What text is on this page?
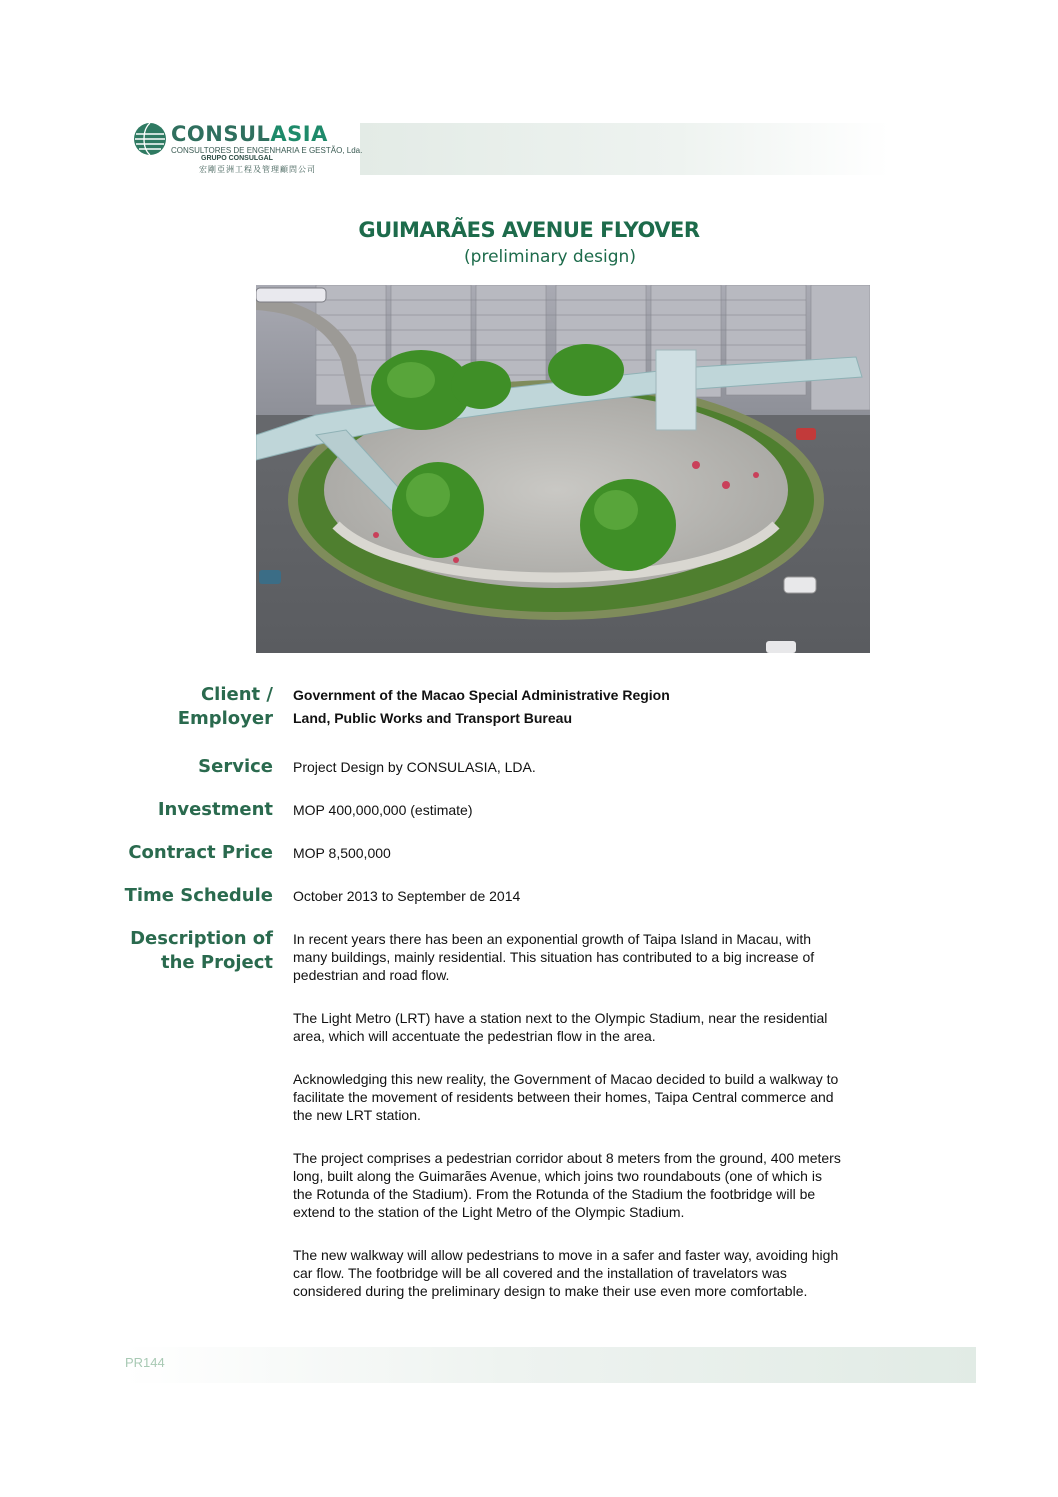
CONSULASIA
CONSULTORES DE ENGENHARIA E GESTÃO, Lda.
GRUPO CONSULGAL
宏剛亞洲工程及管理顧問公司
GUIMARÃES AVENUE FLYOVER
(preliminary design)
Client /
Employer
Government of the Macao Special Administrative Region
Land, Public Works and Transport Bureau
Service Project Design by CONSULASIA, LDA.
Investment MOP 400,000,000 (estimate)
Contract Price MOP 8,500,000
Time Schedule October 2013 to September de 2014
Description of
the Project
In recent years there has been an exponential growth of Taipa Island in Macau, with
many buildings, mainly residential. This situation has contributed to a big increase of
pedestrian and road flow.
The Light Metro (LRT) have a station next to the Olympic Stadium, near the residential
area, which will accentuate the pedestrian flow in the area.
Acknowledging this new reality, the Government of Macao decided to build a walkway to
facilitate the movement of residents between their homes, Taipa Central commerce and
the new LRT station.
The project comprises a pedestrian corridor about 8 meters from the ground, 400 meters
long, built along the Guimarães Avenue, which joins two roundabouts (one of which is
the Rotunda of the Stadium). From the Rotunda of the Stadium the footbridge will be
extend to the station of the Light Metro of the Olympic Stadium.
The new walkway will allow pedestrians to move in a safer and faster way, avoiding high
car flow. The footbridge will be all covered and the installation of travelators was
considered during the preliminary design to make their use even more comfortable.
PR144
